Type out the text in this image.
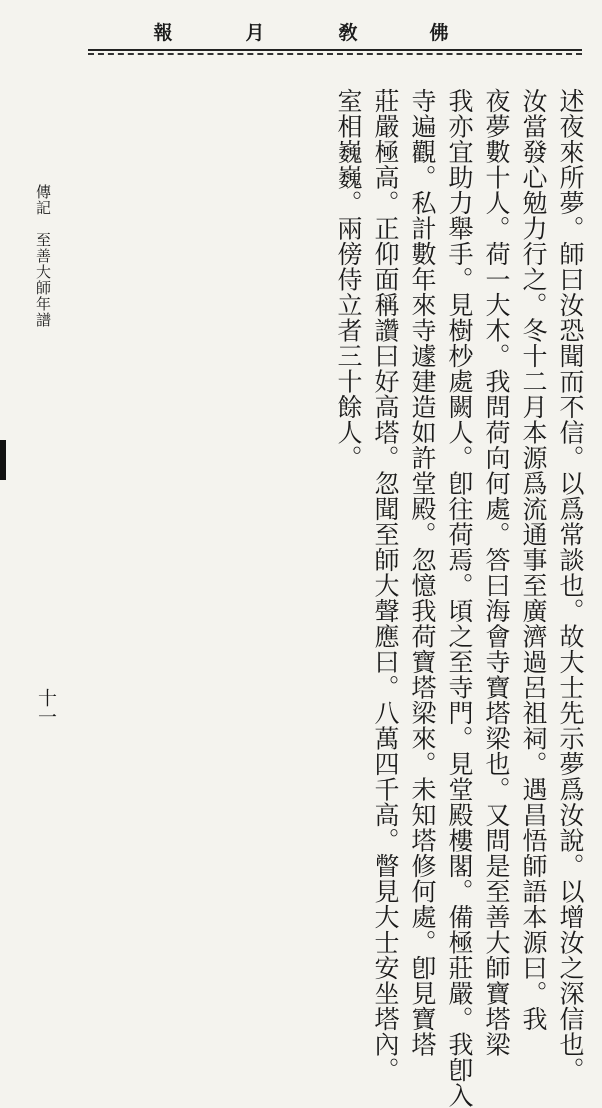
報	月	敎	佛
傳記
至善大師年譜
十一	述夜來所夢。師曰汝恐聞而不信。以爲常談也。故大士先示夢爲汝說。以增汝之深信也。
汝當發心勉力行之。冬十二月本源爲流通事至廣濟過呂祖祠。遇昌悟師語本源曰。我
夜夢數十人。荷一大木。我問荷向何處。答曰海會寺寶塔梁也。又問是至善大師寶塔梁
我亦宜助力舉手。見樹杪處闕人。卽往荷焉。頃之至寺門。見堂殿樓閣。備極莊嚴。我卽入
寺遍觀。私計數年來寺遽建造如許堂殿。忽憶我荷寶塔梁來。未知塔修何處。卽見寶塔
莊嚴極高。正仰面稱讚曰好高塔。忽聞至師大聲應曰。八萬四千高。瞥見大士安坐塔內。
室相巍巍。兩傍侍立者三十餘人。
